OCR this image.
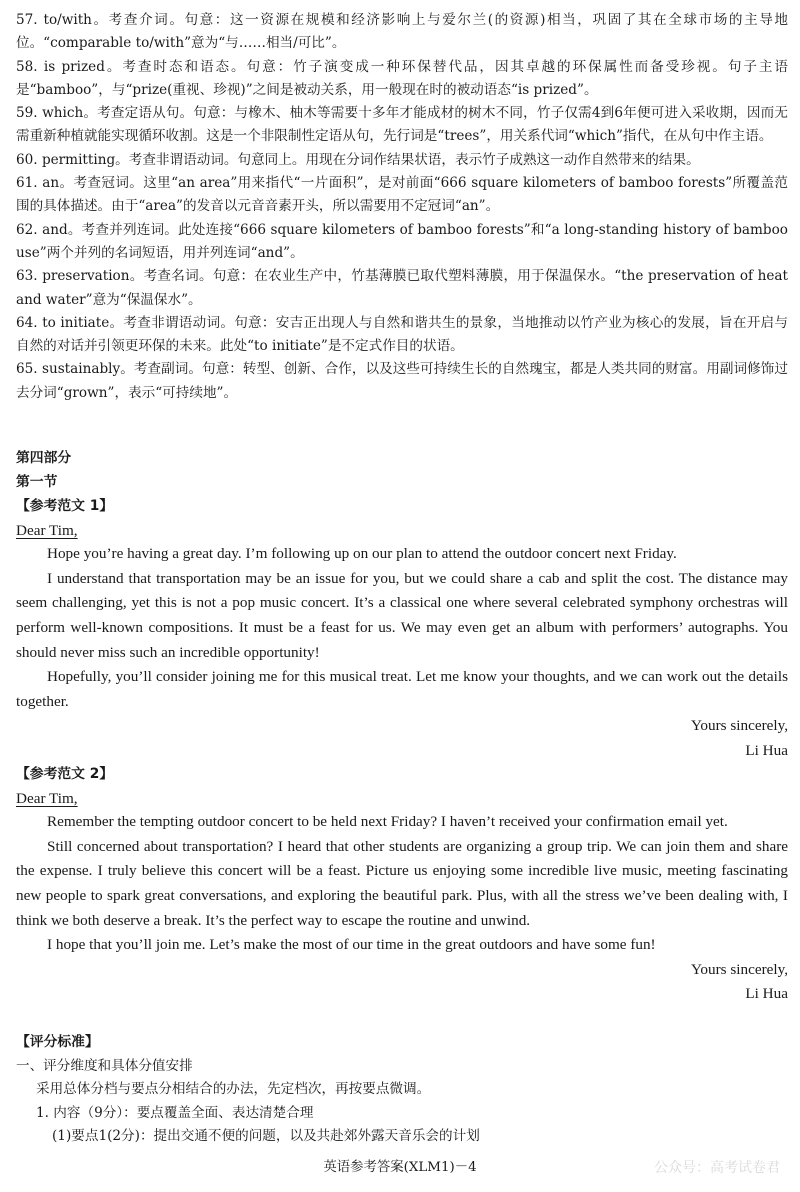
57. to/with。考查介词。句意：这一资源在规模和经济影响上与爱尔兰(的资源)相当，巩固了其在全球市场的主导地位。“comparable to/with”意为“与……相当/可比”。

58. is prized。考查时态和语态。句意：竹子演变成一种环保替代品，因其卓越的环保属性而备受珍视。句子主语是“bamboo”，与“prize(重视、珍视)”之间是被动关系，用一般现在时的被动语态“is prized”。

59. which。考查定语从句。句意：与橡木、柚木等需要十多年才能成材的树木不同，竹子仅需4到6年便可进入采收期，因而无需重新种植就能实现循环收割。这是一个非限制性定语从句，先行词是“trees”，用关系代词“which”指代，在从句中作主语。

60. permitting。考查非谓语动词。句意同上。用现在分词作结果状语，表示竹子成熟这一动作自然带来的结果。

61. an。考查冠词。这里“an area”用来指代“一片面积”，是对前面“666 square kilometers of bamboo forests”所覆盖范围的具体描述。由于“area”的发音以元音音素开头，所以需要用不定冠词“an”。

62. and。考查并列连词。此处连接“666 square kilometers of bamboo forests”和“a long-standing history of bamboo use”两个并列的名词短语，用并列连词“and”。

63. preservation。考查名词。句意：在农业生产中，竹基薄膜已取代塑料薄膜，用于保温保水。“the preservation of heat and water”意为“保温保水”。

64. to initiate。考查非谓语动词。句意：安吉正出现人与自然和谐共生的景象，当地推动以竹产业为核心的发展，旨在开启与自然的对话并引领更环保的未来。此处“to initiate”是不定式作目的状语。

65. sustainably。考查副词。句意：转型、创新、合作，以及这些可持续生长的自然瑰宝，都是人类共同的财富。用副词修饰过去分词“grown”，表示“可持续地”。

第四部分

第一节

【参考范文 1】

Dear Tim,

Hope you’re having a great day. I’m following up on our plan to attend the outdoor concert next Friday.

I understand that transportation may be an issue for you, but we could share a cab and split the cost. The distance may seem challenging, yet this is not a pop music concert. It’s a classical one where several celebrated symphony orchestras will perform well-known compositions. It must be a feast for us. We may even get an album with performers’ autographs. You should never miss such an incredible opportunity!

Hopefully, you’ll consider joining me for this musical treat. Let me know your thoughts, and we can work out the details together.

Yours sincerely,

Li Hua

【参考范文 2】

Dear Tim,

Remember the tempting outdoor concert to be held next Friday? I haven’t received your confirmation email yet.

Still concerned about transportation? I heard that other students are organizing a group trip. We can join them and share the expense. I truly believe this concert will be a feast. Picture us enjoying some incredible live music, meeting fascinating new people to spark great conversations, and exploring the beautiful park. Plus, with all the stress we’ve been dealing with, I think we both deserve a break. It’s the perfect way to escape the routine and unwind.

I hope that you’ll join me. Let’s make the most of our time in the great outdoors and have some fun!

Yours sincerely,

Li Hua

【评分标准】

一、评分维度和具体分值安排

采用总体分档与要点分相结合的办法，先定档次，再按要点微调。

1. 内容（9分）：要点覆盖全面、表达清楚合理

(1)要点1(2分)：提出交通不便的问题，以及共赴郊外露天音乐会的计划

英语参考答案(XLM1)－4	公众号：高考试卷君
